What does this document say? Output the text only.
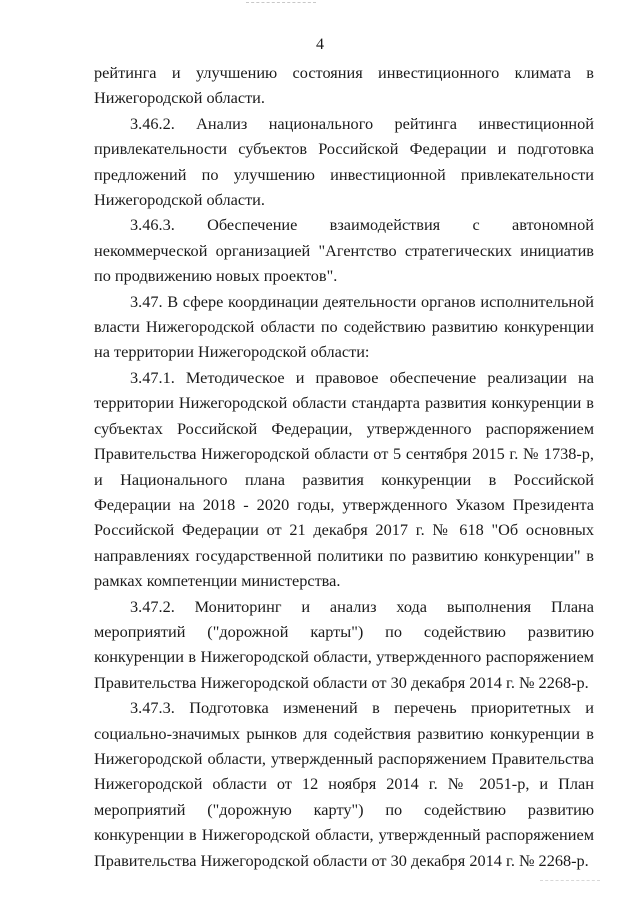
4

рейтинга и улучшению состояния инвестиционного климата в Нижегородской области.

3.46.2. Анализ национального рейтинга инвестиционной привлекательности субъектов Российской Федерации и подготовка предложений по улучшению инвестиционной привлекательности Нижегородской области.

3.46.3. Обеспечение взаимодействия с автономной некоммерческой организацией "Агентство стратегических инициатив по продвижению новых проектов".

3.47. В сфере координации деятельности органов исполнительной власти Нижегородской области по содействию развитию конкуренции на территории Нижегородской области:

3.47.1. Методическое и правовое обеспечение реализации на территории Нижегородской области стандарта развития конкуренции в субъектах Российской Федерации, утвержденного распоряжением Правительства Нижегородской области от 5 сентября 2015 г. № 1738-р, и Национального плана развития конкуренции в Российской Федерации на 2018 - 2020 годы, утвержденного Указом Президента Российской Федерации от 21 декабря 2017 г. № 618 "Об основных направлениях государственной политики по развитию конкуренции" в рамках компетенции министерства.

3.47.2. Мониторинг и анализ хода выполнения Плана мероприятий ("дорожной карты") по содействию развитию конкуренции в Нижегородской области, утвержденного распоряжением Правительства Нижегородской области от 30 декабря 2014 г. № 2268-р.

3.47.3. Подготовка изменений в перечень приоритетных и социально-значимых рынков для содействия развитию конкуренции в Нижегородской области, утвержденный распоряжением Правительства Нижегородской области от 12 ноября 2014 г. № 2051-р, и План мероприятий ("дорожную карту") по содействию развитию конкуренции в Нижегородской области, утвержденный распоряжением Правительства Нижегородской области от 30 декабря 2014 г. № 2268-р.
